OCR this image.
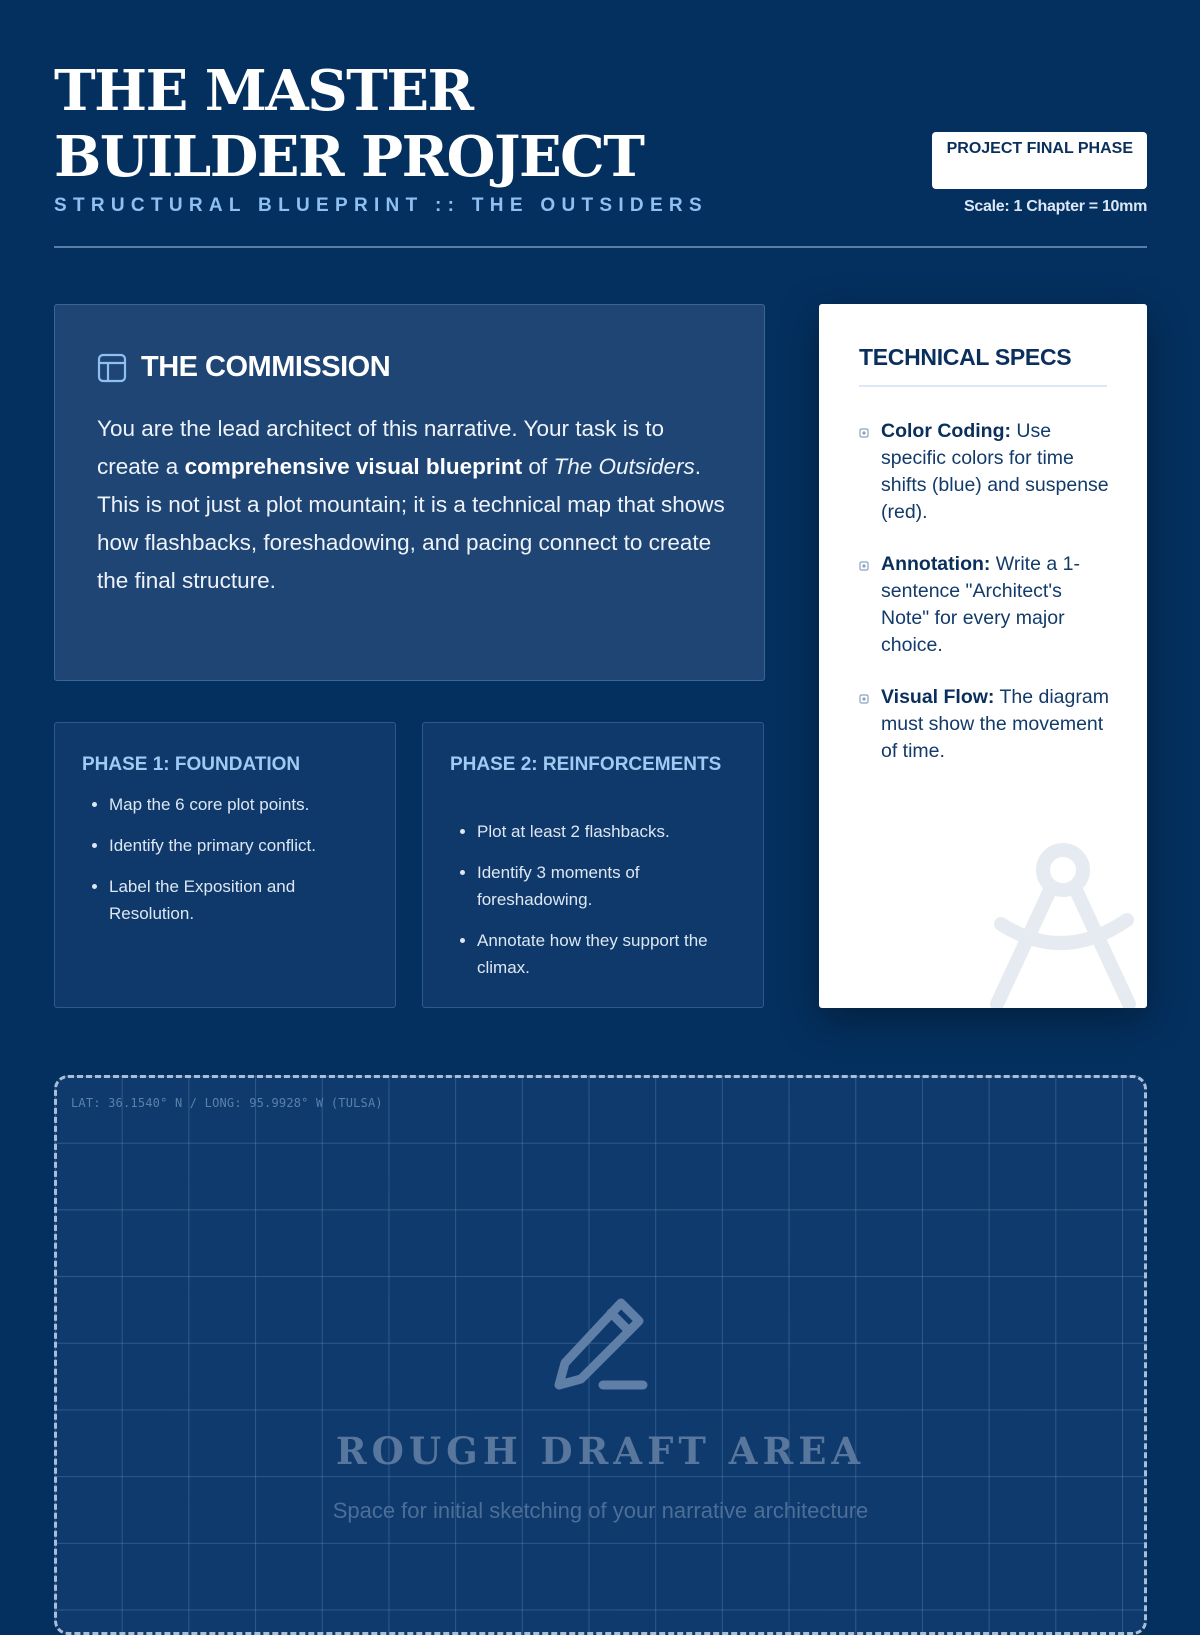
THE MASTER BUILDER PROJECT
STRUCTURAL BLUEPRINT :: THE OUTSIDERS
PROJECT FINAL PHASE
Scale: 1 Chapter = 10mm
THE COMMISSION

You are the lead architect of this narrative. Your task is to create a comprehensive visual blueprint of The Outsiders. This is not just a plot mountain; it is a technical map that shows how flashbacks, foreshadowing, and pacing connect to create the final structure.

PHASE 1: FOUNDATION
• Map the 6 core plot points.
• Identify the primary conflict.
• Label the Exposition and Resolution.
PHASE 2: REINFORCEMENTS
• Plot at least 2 flashbacks.
• Identify 3 moments of foreshadowing.
• Annotate how they support the climax.
TECHNICAL SPECS
Color Coding: Use specific colors for time shifts (blue) and suspense (red).
Annotation: Write a 1-sentence "Architect's Note" for every major choice.
Visual Flow: The diagram must show the movement of time.
LAT: 36.1540° N / LONG: 95.9928° W (TULSA)
ROUGH DRAFT AREA
Space for initial sketching of your narrative architecture
